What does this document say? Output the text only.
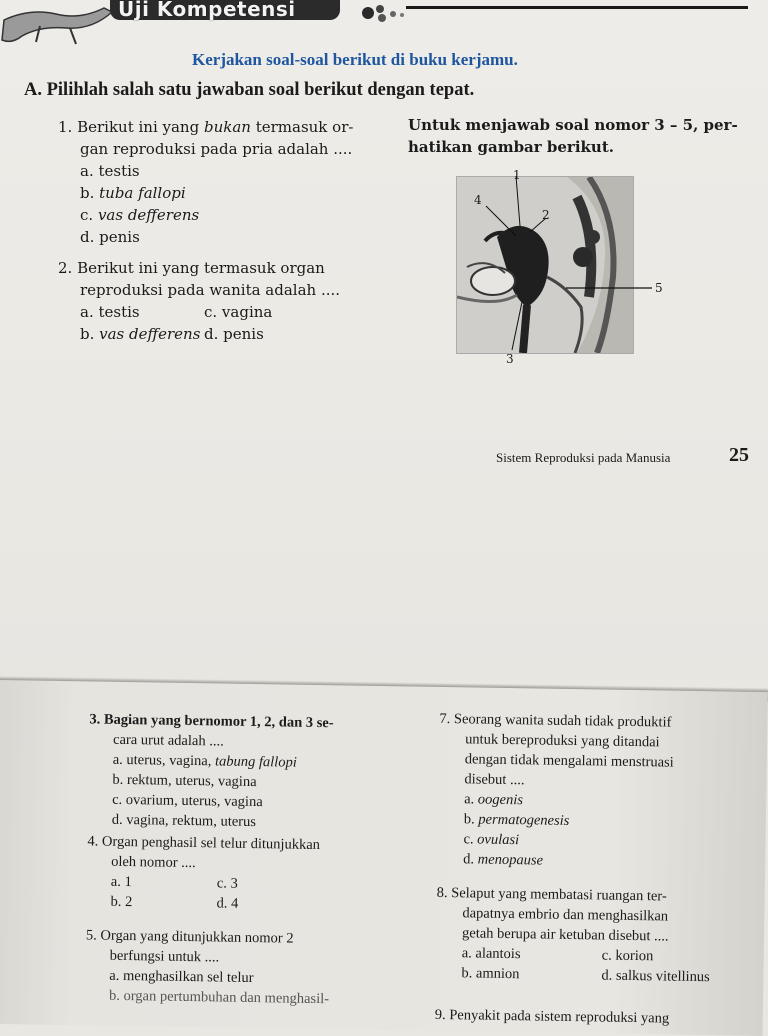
Uji Kompetensi
Kerjakan soal-soal berikut di buku kerjamu.
A. Pilihlah salah satu jawaban soal berikut dengan tepat.
1. Berikut ini yang bukan termasuk or-
gan reproduksi pada pria adalah ....
a. testis
b. tuba fallopi
c. vas defferens
d. penis
2. Berikut ini yang termasuk organ
reproduksi pada wanita adalah ....
a. testis	c. vagina
b. vas defferens d. penis
Untuk menjawab soal nomor 3 – 5, per-
hatikan gambar berikut.
1
2
3
4
5
Sistem Reproduksi pada Manusia	25
3. Bagian yang bernomor 1, 2, dan 3 se-
cara urut adalah ....
a. uterus, vagina, tabung fallopi
b. rektum, uterus, vagina
c. ovarium, uterus, vagina
d. vagina, rektum, uterus
4. Organ penghasil sel telur ditunjukkan
oleh nomor ....
a. 1	c. 3
b. 2	d. 4
5. Organ yang ditunjukkan nomor 2
berfungsi untuk ....
a. menghasilkan sel telur
b. organ pertumbuhan dan menghasil-
7. Seorang wanita sudah tidak produktif
untuk bereproduksi yang ditandai
dengan tidak mengalami menstruasi
disebut ....
a. oogenis
b. permatogenesis
c. ovulasi
d. menopause
8. Selaput yang membatasi ruangan ter-
dapatnya embrio dan menghasilkan
getah berupa air ketuban disebut ....
a. alantois	c. korion
b. amnion	d. salkus vitellinus
9. Penyakit pada sistem reproduksi yang
